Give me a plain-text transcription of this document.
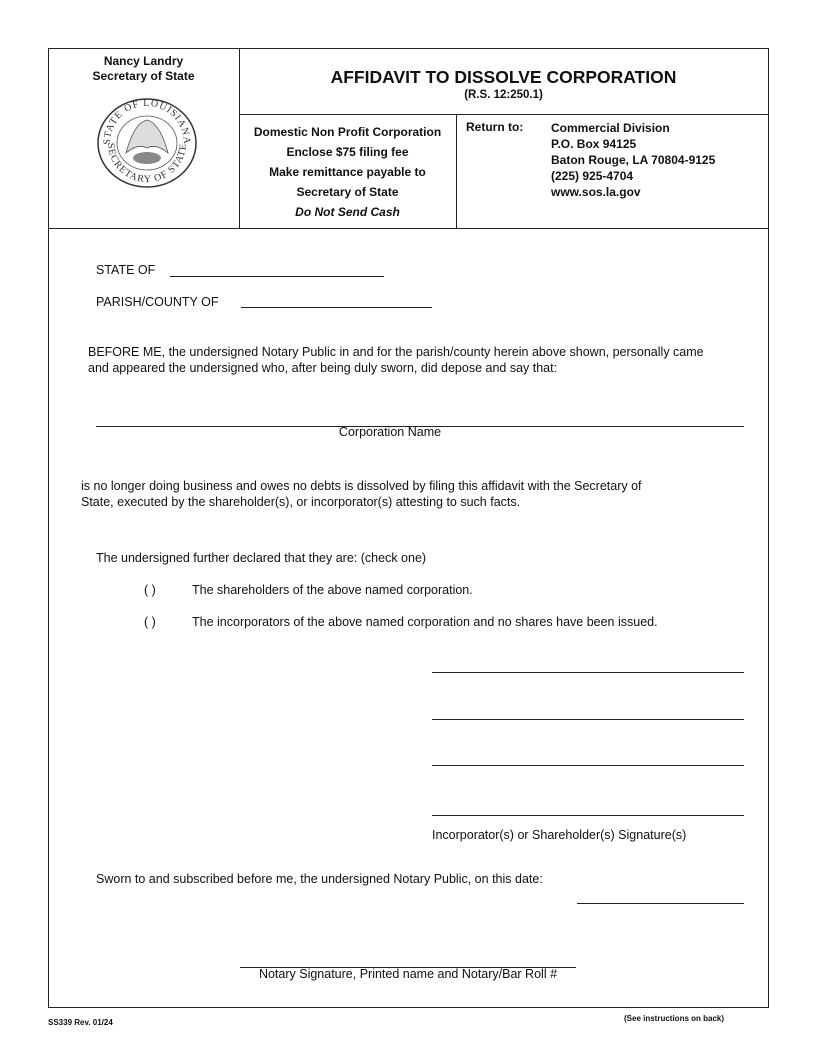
Nancy Landry
Secretary of State
STATE OF LOUISIANA
SECRETARY OF STATE
AFFIDAVIT TO DISSOLVE CORPORATION
(R.S. 12:250.1)
Domestic Non Profit Corporation
Enclose $75 filing fee
Make remittance payable to
Secretary of State
Do Not Send Cash
Return to: Commercial Division
P.O. Box 94125
Baton Rouge, LA 70804-9125
(225) 925-4704
www.sos.la.gov
STATE OF
PARISH/COUNTY OF
BEFORE ME, the undersigned Notary Public in and for the parish/county herein above shown, personally came
and appeared the undersigned who, after being duly sworn, did depose and say that:
Corporation Name
is no longer doing business and owes no debts is dissolved by filing this affidavit with the Secretary of
State, executed by the shareholder(s), or incorporator(s) attesting to such facts.
The undersigned further declared that they are: (check one)
( )	The shareholders of the above named corporation.
( )	The incorporators of the above named corporation and no shares have been issued.
Incorporator(s) or Shareholder(s) Signature(s)
Sworn to and subscribed before me, the undersigned Notary Public, on this date:
Notary Signature, Printed name and Notary/Bar Roll #
SS339 Rev. 01/24	(See instructions on back)
